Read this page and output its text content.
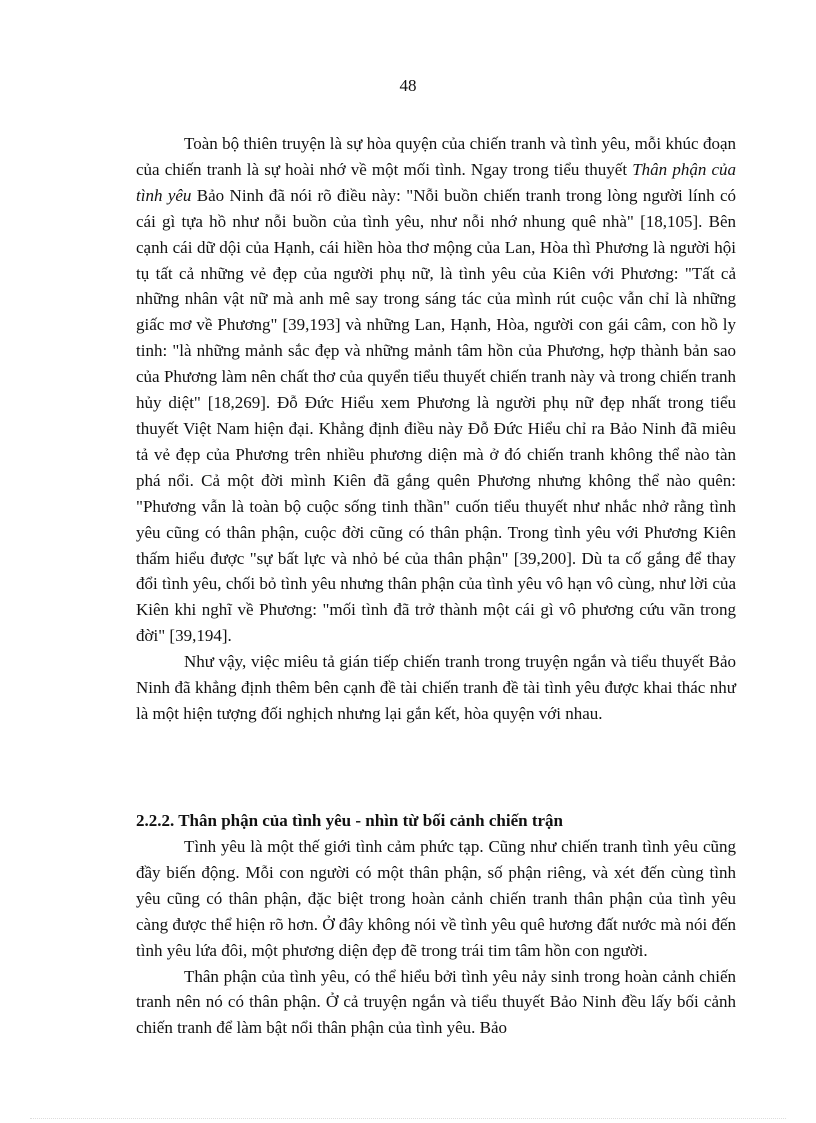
48

Toàn bộ thiên truyện là sự hòa quyện của chiến tranh và tình yêu, mỗi khúc đoạn của chiến tranh là sự hoài nhớ về một mối tình. Ngay trong tiểu thuyết Thân phận của tình yêu Bảo Ninh đã nói rõ điều này: "Nỗi buồn chiến tranh trong lòng người lính có cái gì tựa hồ như nỗi buồn của tình yêu, như nỗi nhớ nhung quê nhà" [18,105]. Bên cạnh cái dữ dội của Hạnh, cái hiền hòa thơ mộng của Lan, Hòa thì Phương là người hội tụ tất cả những vẻ đẹp của người phụ nữ, là tình yêu của Kiên với Phương: "Tất cả những nhân vật nữ mà anh mê say trong sáng tác của mình rút cuộc vẫn chỉ là những giấc mơ về Phương" [39,193] và những Lan, Hạnh, Hòa, người con gái câm, con hồ ly tinh: "là những mảnh sắc đẹp và những mảnh tâm hồn của Phương, hợp thành bản sao của Phương làm nên chất thơ của quyển tiểu thuyết chiến tranh này và trong chiến tranh hủy diệt" [18,269]. Đỗ Đức Hiểu xem Phương là người phụ nữ đẹp nhất trong tiểu thuyết Việt Nam hiện đại. Khẳng định điều này Đỗ Đức Hiểu chỉ ra Bảo Ninh đã miêu tả vẻ đẹp của Phương trên nhiều phương diện mà ở đó chiến tranh không thể nào tàn phá nổi. Cả một đời mình Kiên đã gắng quên Phương nhưng không thể nào quên: "Phương vẫn là toàn bộ cuộc sống tinh thần" cuốn tiểu thuyết như nhắc nhở rằng tình yêu cũng có thân phận, cuộc đời cũng có thân phận. Trong tình yêu với Phương Kiên thấm hiểu được "sự bất lực và nhỏ bé của thân phận" [39,200]. Dù ta cố gắng để thay đổi tình yêu, chối bỏ tình yêu nhưng thân phận của tình yêu vô hạn vô cùng, như lời của Kiên khi nghĩ về Phương: "mối tình đã trở thành một cái gì vô phương cứu vãn trong đời" [39,194].

Như vậy, việc miêu tả gián tiếp chiến tranh trong truyện ngắn và tiểu thuyết Bảo Ninh đã khẳng định thêm bên cạnh đề tài chiến tranh đề tài tình yêu được khai thác như là một hiện tượng đối nghịch nhưng lại gắn kết, hòa quyện với nhau.

2.2.2. Thân phận của tình yêu - nhìn từ bối cảnh chiến trận

Tình yêu là một thế giới tình cảm phức tạp. Cũng như chiến tranh tình yêu cũng đầy biến động. Mỗi con người có một thân phận, số phận riêng, và xét đến cùng tình yêu cũng có thân phận, đặc biệt trong hoàn cảnh chiến tranh thân phận của tình yêu càng được thể hiện rõ hơn. Ở đây không nói về tình yêu quê hương đất nước mà nói đến tình yêu lứa đôi, một phương diện đẹp đẽ trong trái tim tâm hồn con người.

Thân phận của tình yêu, có thể hiểu bởi tình yêu nảy sinh trong hoàn cảnh chiến tranh nên nó có thân phận. Ở cả truyện ngắn và tiểu thuyết Bảo Ninh đều lấy bối cảnh chiến tranh để làm bật nổi thân phận của tình yêu. Bảo
